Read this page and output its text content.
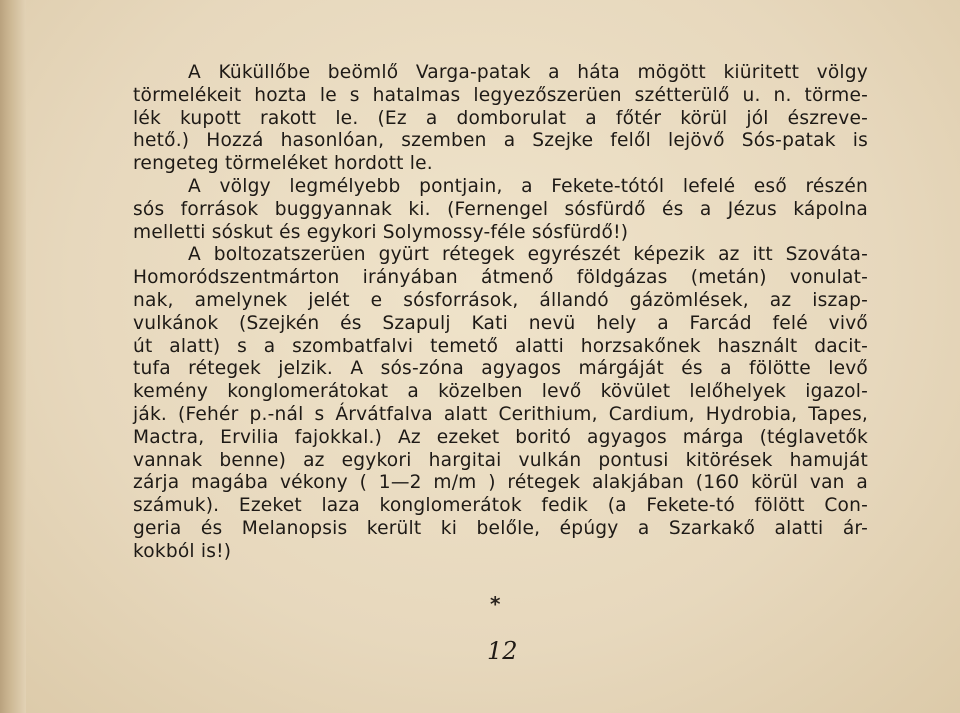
A Küküllőbe beömlő Varga-patak a háta mögött kiüritett völgy
törmelékeit hozta le s hatalmas legyezőszerüen szétterülő u. n. törme-
lék kupott rakott le. (Ez a domborulat a főtér körül jól észreve-
hető.) Hozzá hasonlóan, szemben a Szejke felől lejövő Sós-patak is
rengeteg törmeléket hordott le.

A völgy legmélyebb pontjain, a Fekete-tótól lefelé eső részén
sós források buggyannak ki. (Fernengel sósfürdő és a Jézus kápolna
melletti sóskut és egykori Solymossy-féle sósfürdő!)

A boltozatszerüen gyürt rétegek egyrészét képezik az itt Szováta-
Homoródszentmárton irányában átmenő földgázas (metán) vonulat-
nak, amelynek jelét e sósforrások, állandó gázömlések, az iszap-
vulkánok (Szejkén és Szapulj Kati nevü hely a Farcád felé vivő
út alatt) s a szombatfalvi temető alatti horzsakőnek használt dacit-
tufa rétegek jelzik. A sós-zóna agyagos márgáját és a fölötte levő
kemény konglomerátokat a közelben levő kövület lelőhelyek igazol-
ják. (Fehér p.-nál s Árvátfalva alatt Cerithium, Cardium, Hydrobia, Tapes,
Mactra, Ervilia fajokkal.) Az ezeket boritó agyagos márga (téglavetők
vannak benne) az egykori hargitai vulkán pontusi kitörések hamuját
zárja magába vékony ( 1—2 m/m ) rétegek alakjában (160 körül van a
számuk). Ezeket laza konglomerátok fedik (a Fekete-tó fölött Con-
geria és Melanopsis került ki belőle, épúgy a Szarkakő alatti ár-
kokból is!)

*
12
